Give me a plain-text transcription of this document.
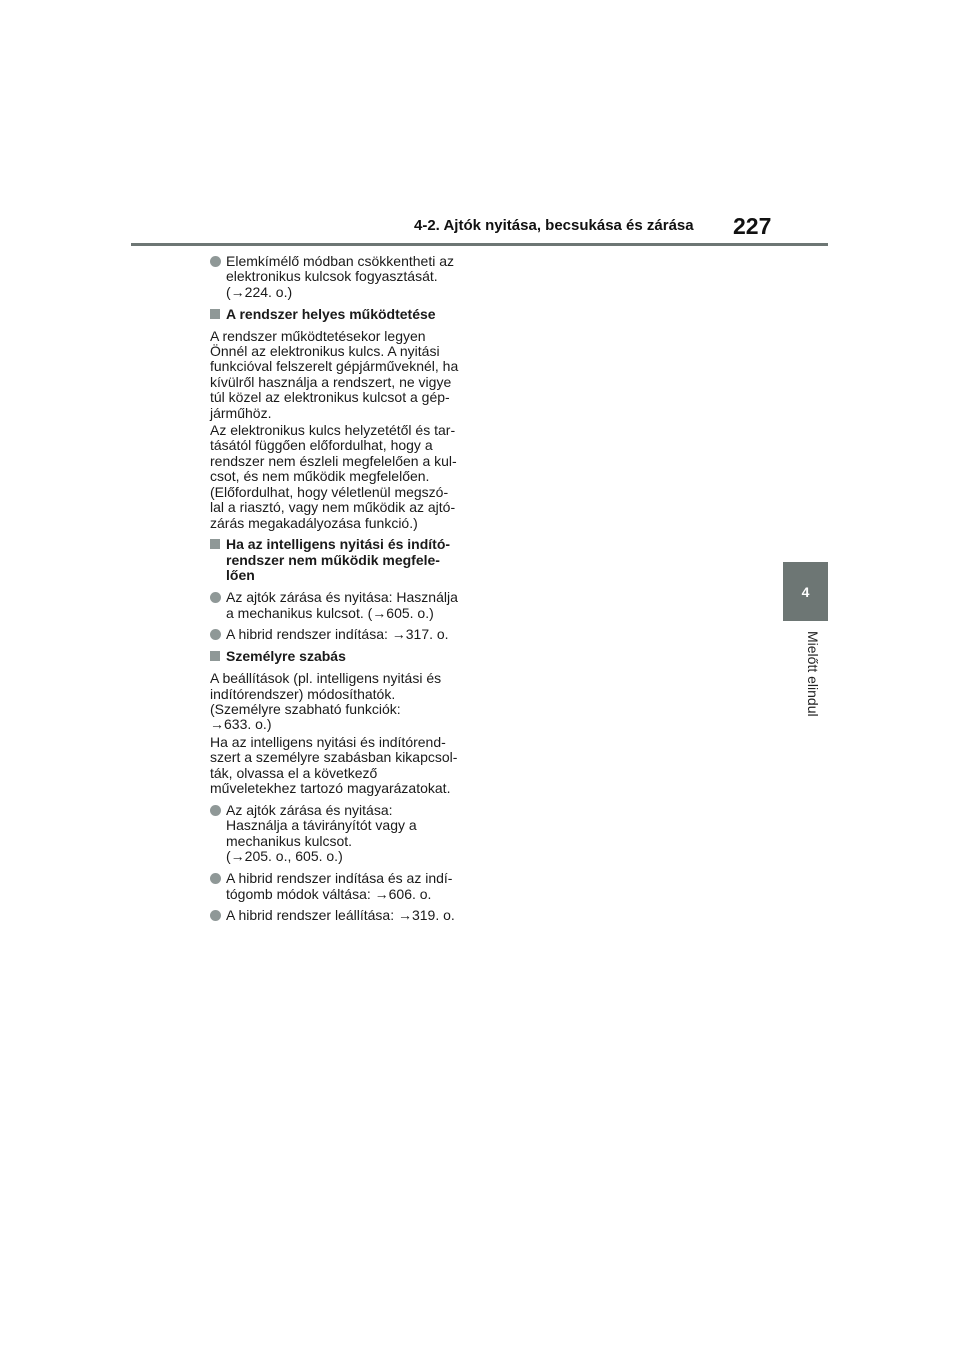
4-2. Ajtók nyitása, becsukása és zárása 227
4
Mielőtt elindul
Elemkímélő módban csökkentheti az
elektronikus kulcsok fogyasztását.
(→224. o.)
A rendszer helyes működtetése
A rendszer működtetésekor legyen
Önnél az elektronikus kulcs. A nyitási
funkcióval felszerelt gépjárműveknél, ha
kívülről használja a rendszert, ne vigye
túl közel az elektronikus kulcsot a gép-
járműhöz.
Az elektronikus kulcs helyzetétől és tar-
tásától függően előfordulhat, hogy a
rendszer nem észleli megfelelően a kul-
csot, és nem működik megfelelően.
(Előfordulhat, hogy véletlenül megszó-
lal a riasztó, vagy nem működik az ajtó-
zárás megakadályozása funkció.)
Ha az intelligens nyitási és indító-
rendszer nem működik megfele-
lően
Az ajtók zárása és nyitása: Használja
a mechanikus kulcsot. (→605. o.)
A hibrid rendszer indítása: →317. o.
Személyre szabás
A beállítások (pl. intelligens nyitási és
indítórendszer) módosíthatók.
(Személyre szabható funkciók:
→633. o.)
Ha az intelligens nyitási és indítórend-
szert a személyre szabásban kikapcsol-
ták, olvassa el a következő
műveletekhez tartozó magyarázatokat.
Az ajtók zárása és nyitása:
Használja a távirányítót vagy a
mechanikus kulcsot.
(→205. o., 605. o.)
A hibrid rendszer indítása és az indí-
tógomb módok váltása: →606. o.
A hibrid rendszer leállítása: →319. o.
